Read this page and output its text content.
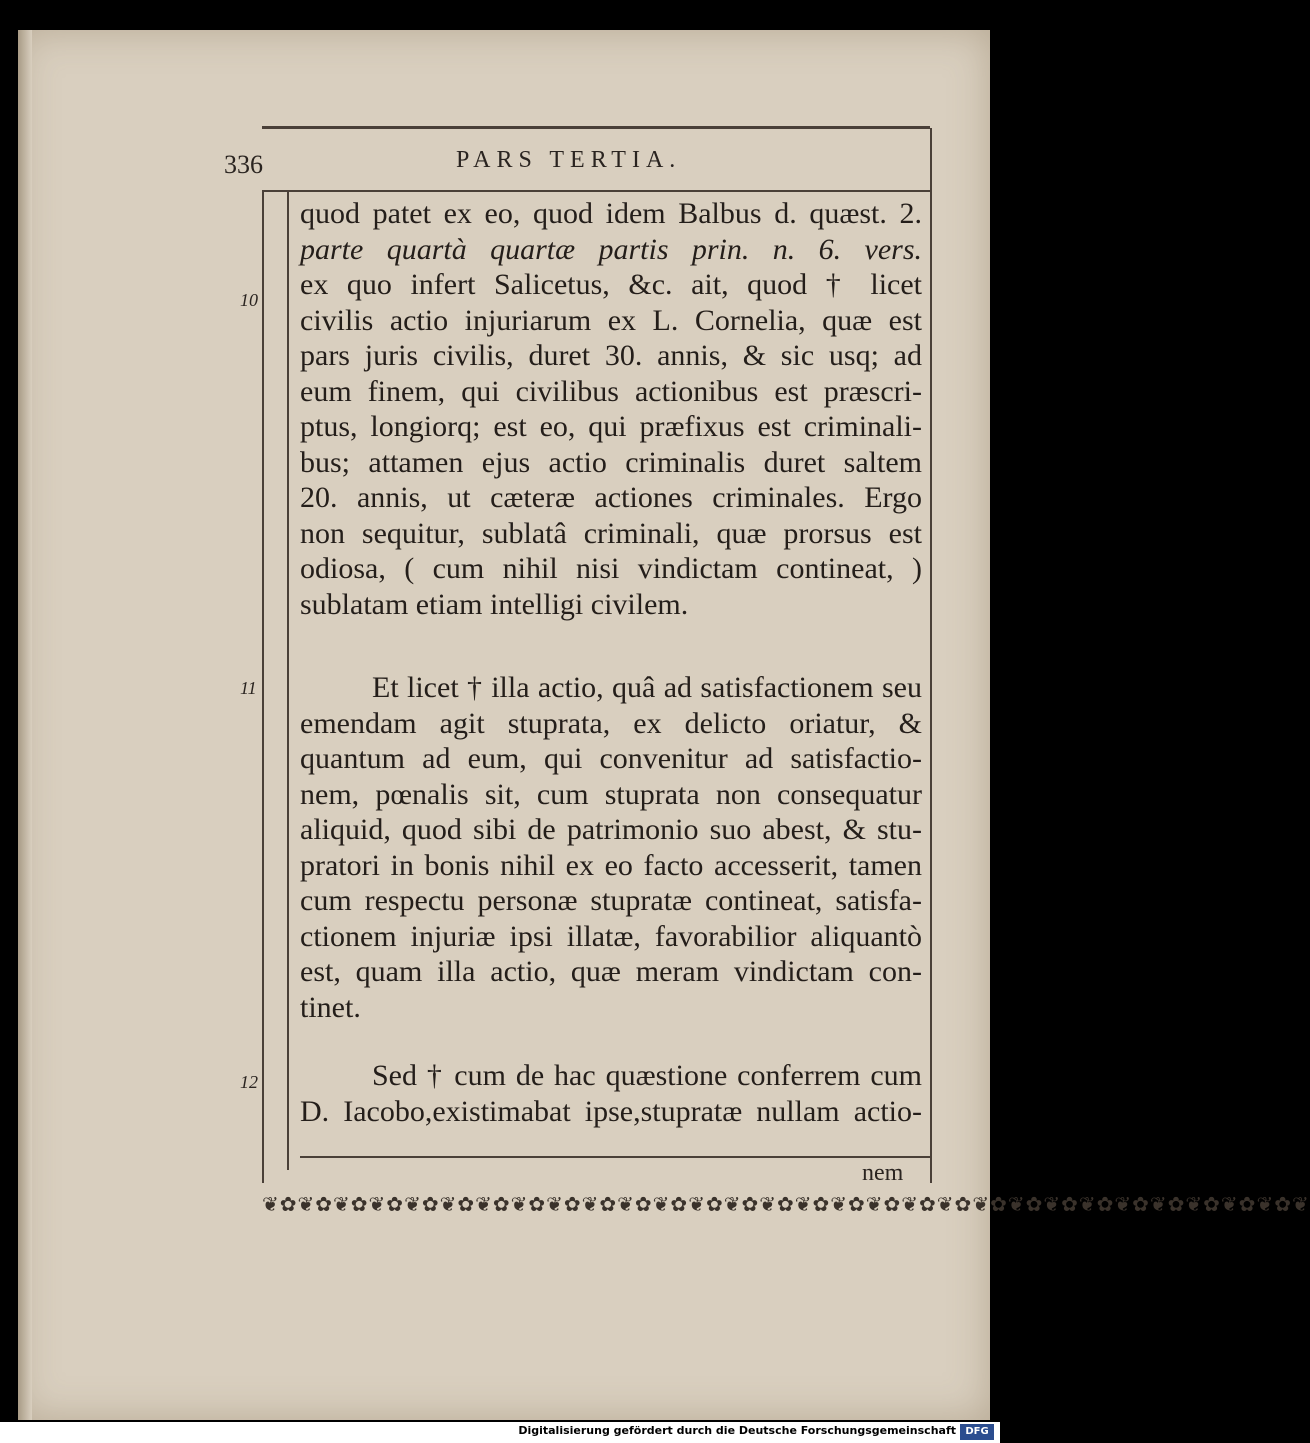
336	PARS TERTIA.
10
11
12
quod patet ex eo, quod idem Balbus d. quæst. 2.
parte quartà quartæ partis prin. n. 6. vers.
ex quo infert Salicetus, &c. ait, quod † licet
civilis actio injuriarum ex L. Cornelia, quæ est
pars juris civilis, duret 30. annis, & sic usq; ad
eum finem, qui civilibus actionibus est præscri-
ptus, longiorq; est eo, qui præfixus est criminali-
bus; attamen ejus actio criminalis duret saltem
20. annis, ut cæteræ actiones criminales. Ergo
non sequitur, sublatâ criminali, quæ prorsus est
odiosa, ( cum nihil nisi vindictam contineat, )
sublatam etiam intelligi civilem.
Et licet † illa actio, quâ ad satisfactionem seu
emendam agit stuprata, ex delicto oriatur, &
quantum ad eum, qui convenitur ad satisfactio-
nem, pœnalis sit, cum stuprata non consequatur
aliquid, quod sibi de patrimonio suo abest, & stu-
pratori in bonis nihil ex eo facto accesserit, tamen
cum respectu personæ stupratæ contineat, satisfa-
ctionem injuriæ ipsi illatæ, favorabilior aliquantò
est, quam illa actio, quæ meram vindictam con-
tinet.
Sed † cum de hac quæstione conferrem cum
D. Iacobo,existimabat ipse,stupratæ nullam actio-
nem
❦✿❦✿❦✿❦✿❦✿❦✿❦✿❦✿❦✿❦✿❦✿❦✿❦✿❦✿❦✿❦✿❦✿❦✿❦✿❦✿❦✿❦✿❦✿❦✿❦✿❦✿❦✿❦✿❦✿❦
Digitalisierung gefördert durch die Deutsche Forschungsgemeinschaft DFG
